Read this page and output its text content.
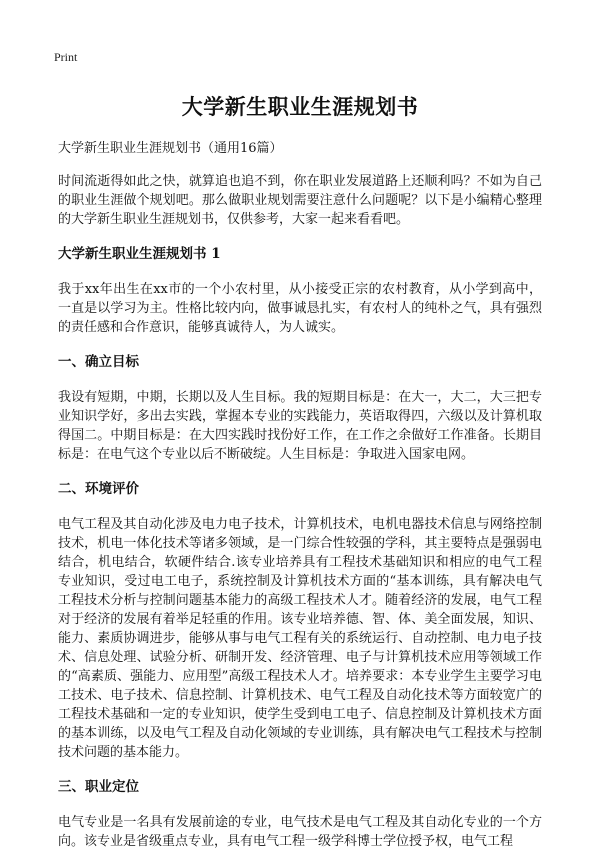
Print
大学新生职业生涯规划书
大学新生职业生涯规划书（通用16篇）

时间流逝得如此之快，就算追也追不到，你在职业发展道路上还顺利吗？不如为自己的职业生涯做个规划吧。那么做职业规划需要注意什么问题呢？以下是小编精心整理的大学新生职业生涯规划书，仅供参考，大家一起来看看吧。

大学新生职业生涯规划书 1

我于xx年出生在xx市的一个小农村里，从小接受正宗的农村教育，从小学到高中，一直是以学习为主。性格比较内向，做事诚恳扎实，有农村人的纯朴之气，具有强烈的责任感和合作意识，能够真诚待人，为人诚实。

一、确立目标

我设有短期，中期，长期以及人生目标。我的短期目标是：在大一，大二，大三把专业知识学好，多出去实践，掌握本专业的实践能力，英语取得四，六级以及计算机取得国二。中期目标是：在大四实践时找份好工作，在工作之余做好工作准备。长期目标是：在电气这个专业以后不断破绽。人生目标是：争取进入国家电网。

二、环境评价

电气工程及其自动化涉及电力电子技术，计算机技术，电机电器技术信息与网络控制技术，机电一体化技术等诸多领域，是一门综合性较强的学科，其主要特点是强弱电结合，机电结合，软硬件结合.该专业培养具有工程技术基础知识和相应的电气工程专业知识，受过电工电子，系统控制及计算机技术方面的“基本训练，具有解决电气工程技术分析与控制问题基本能力的高级工程技术人才。随着经济的发展，电气工程对于经济的发展有着举足轻重的作用。该专业培养德、智、体、美全面发展，知识、能力、素质协调进步，能够从事与电气工程有关的系统运行、自动控制、电力电子技术、信息处理、试验分析、研制开发、经济管理、电子与计算机技术应用等领域工作的“高素质、强能力、应用型”高级工程技术人才。培养要求：本专业学生主要学习电工技术、电子技术、信息控制、计算机技术、电气工程及自动化技术等方面较宽广的工程技术基础和一定的专业知识，使学生受到电工电子、信息控制及计算机技术方面的基本训练，以及电气工程及自动化领域的专业训练，具有解决电气工程技术与控制技术问题的基本能力。

三、职业定位

电气专业是一名具有发展前途的专业，电气技术是电气工程及其自动化专业的一个方向。该专业是省级重点专业，具有电气工程一级学科博士学位授予权，电气工程
